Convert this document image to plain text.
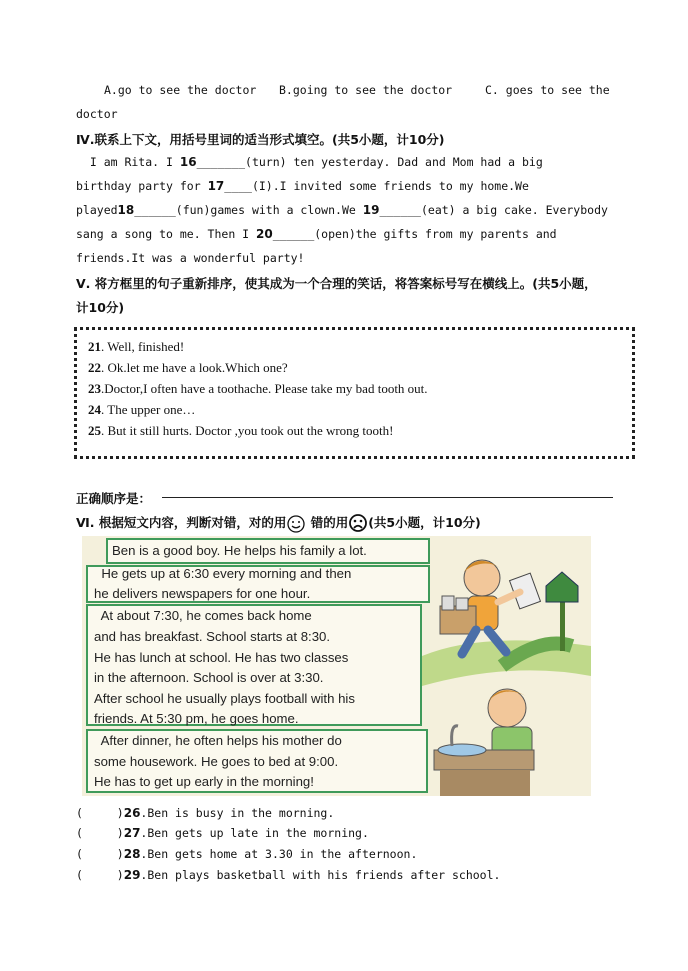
A.go to see the doctor B.going to see the doctor	C. goes to see the
doctor
Ⅳ.联系上下文，用括号里词的适当形式填空。(共5小题，计10分)
I am Rita. I 16_______(turn) ten yesterday. Dad and Mom had a big
birthday party for 17____(I).I invited some friends to my home.We
played18______(fun)games with a clown.We 19______(eat) a big cake. Everybody
sang a song to me. Then I 20______(open)the gifts from my parents and
friends.It was a wonderful party!
Ⅴ. 将方框里的句子重新排序，使其成为一个合理的笑话，将答案标号写在横线上。(共5小题，
计10分)
21. Well, finished!
22. Ok.let me have a look.Which one?
23.Doctor,I often have a toothache. Please take my bad tooth out.
24. The upper one…
25. But it still hurts. Doctor ,you took out the wrong tooth!
正确顺序是：
Ⅵ. 根据短文内容，判断对错，对的用 错的用 (共5小题，计10分)
Ben is a good boy. He helps his family a lot.
He gets up at 6:30 every morning and then
he delivers newspapers for one hour.
At about 7:30, he comes back home
and has breakfast. School starts at 8:30.
He has lunch at school. He has two classes
in the afternoon. School is over at 3:30.
After school he usually plays football with his
friends. At 5:30 pm, he goes home.
After dinner, he often helps his mother do
some housework. He goes to bed at 9:00.
He has to get up early in the morning!
(  )26.Ben is busy in the morning.
(  )27.Ben gets up late in the morning.
(  )28.Ben gets home at 3.30 in the afternoon.
(  )29.Ben plays basketball with his friends after school.
